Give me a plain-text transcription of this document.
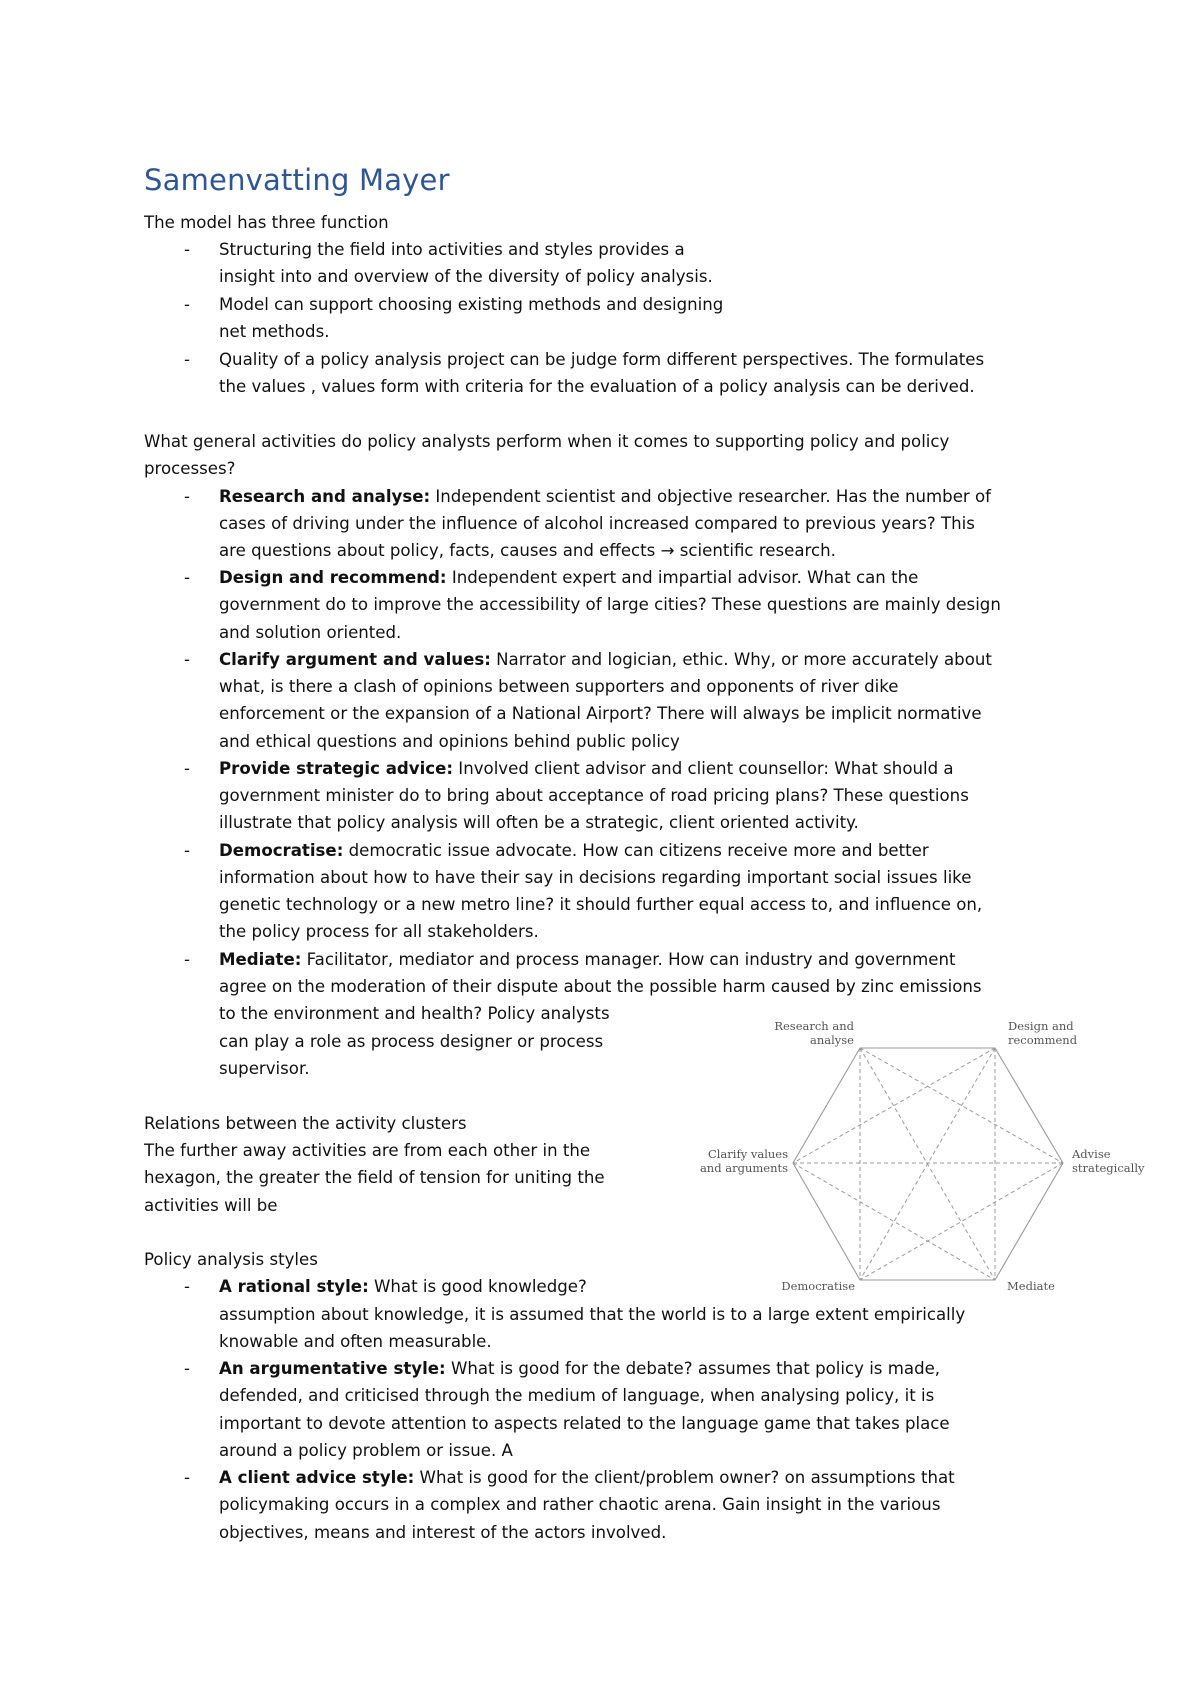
Samenvatting Mayer
The model has three function
- Structuring the field into activities and styles provides a
insight into and overview of the diversity of policy analysis.
- Model can support choosing existing methods and designing
net methods.
- Quality of a policy analysis project can be judge form different perspectives. The formulates
the values , values form with criteria for the evaluation of a policy analysis can be derived.
What general activities do policy analysts perform when it comes to supporting policy and policy
processes?
- Research and analyse: Independent scientist and objective researcher. Has the number of
cases of driving under the influence of alcohol increased compared to previous years? This
are questions about policy, facts, causes and effects → scientific research.
- Design and recommend: Independent expert and impartial advisor. What can the
government do to improve the accessibility of large cities? These questions are mainly design
and solution oriented.
- Clarify argument and values: Narrator and logician, ethic. Why, or more accurately about
what, is there a clash of opinions between supporters and opponents of river dike
enforcement or the expansion of a National Airport? There will always be implicit normative
and ethical questions and opinions behind public policy
- Provide strategic advice: Involved client advisor and client counsellor: What should a
government minister do to bring about acceptance of road pricing plans? These questions
illustrate that policy analysis will often be a strategic, client oriented activity.
- Democratise: democratic issue advocate. How can citizens receive more and better
information about how to have their say in decisions regarding important social issues like
genetic technology or a new metro line? it should further equal access to, and influence on,
the policy process for all stakeholders.
- Mediate: Facilitator, mediator and process manager. How can industry and government
agree on the moderation of their dispute about the possible harm caused by zinc emissions
to the environment and health? Policy analysts
can play a role as process designer or process
supervisor.
Relations between the activity clusters
The further away activities are from each other in the
hexagon, the greater the field of tension for uniting the
activities will be
Policy analysis styles
- A rational style: What is good knowledge?
assumption about knowledge, it is assumed that the world is to a large extent empirically
knowable and often measurable.
- An argumentative style: What is good for the debate? assumes that policy is made,
defended, and criticised through the medium of language, when analysing policy, it is
important to devote attention to aspects related to the language game that takes place
around a policy problem or issue. A
- A client advice style: What is good for the client/problem owner? on assumptions that
policymaking occurs in a complex and rather chaotic arena. Gain insight in the various
objectives, means and interest of the actors involved.
Research and
analyse
Design and
recommend
Clarify values
and arguments
Advise
strategically
Democratise	Mediate
